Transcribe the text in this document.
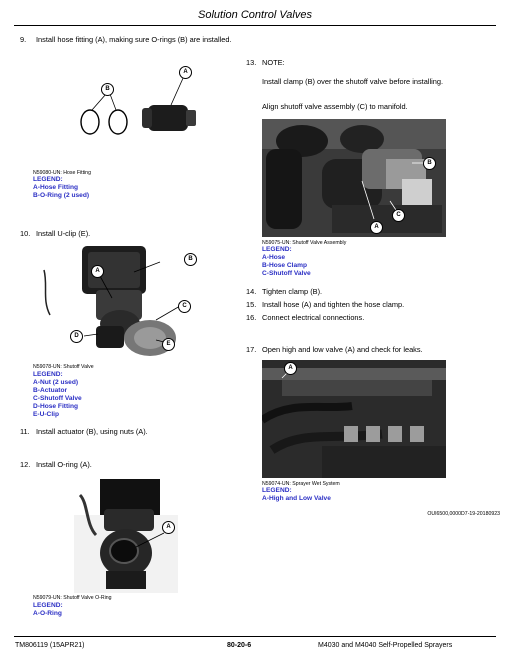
Solution Control Valves
9. Install hose fitting (A), making sure O-rings (B) are installed.
B
A
N59080-UN: Hose Fitting
LEGEND:
A-Hose Fitting
B-O-Ring (2 used)
10. Install U-clip (E).
B
A
C
D
E
N59078-UN: Shutoff Valve
LEGEND:
A-Nut (2 used)
B-Actuator
C-Shutoff Valve
D-Hose Fitting
E-U-Clip
11. Install actuator (B), using nuts (A).
12. Install O-ring (A).
A
N59079-UN: Shutoff Valve O-Ring
LEGEND:
A-O-Ring
13. NOTE:
Install clamp (B) over the shutoff valve before installing.
Align shutoff valve assembly (C) to manifold.
B
C
A
N59075-UN: Shutoff Valve Assembly
LEGEND:
A-Hose
B-Hose Clamp
C-Shutoff Valve
14. Tighten clamp (B).
15. Install hose (A) and tighten the hose clamp.
16. Connect electrical connections.
17. Open high and low valve (A) and check for leaks.
A
N59074-UN: Sprayer Wet System
LEGEND:
A-High and Low Valve
OUI6500,0000D7-19-20180923
TM806119 (15APR21)	80-20-6	M4030 and M4040 Self-Propelled Sprayers
